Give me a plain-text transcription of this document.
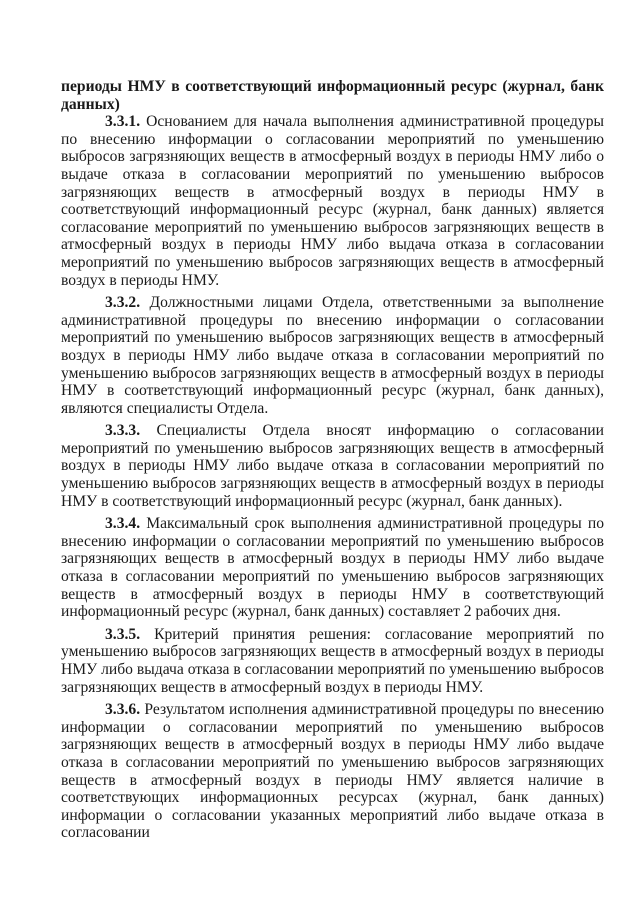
периоды НМУ в соответствующий информационный ресурс (журнал, банк данных)

3.3.1. Основанием для начала выполнения административной процедуры по внесению информации о согласовании мероприятий по уменьшению выбросов загрязняющих веществ в атмосферный воздух в периоды НМУ либо о выдаче отказа в согласовании мероприятий по уменьшению выбросов загрязняющих веществ в атмосферный воздух в периоды НМУ в соответствующий информационный ресурс (журнал, банк данных) является согласование мероприятий по уменьшению выбросов загрязняющих веществ в атмосферный воздух в периоды НМУ либо выдача отказа в согласовании мероприятий по уменьшению выбросов загрязняющих веществ в атмосферный воздух в периоды НМУ.

3.3.2. Должностными лицами Отдела, ответственными за выполнение административной процедуры по внесению информации о согласовании мероприятий по уменьшению выбросов загрязняющих веществ в атмосферный воздух в периоды НМУ либо выдаче отказа в согласовании мероприятий по уменьшению выбросов загрязняющих веществ в атмосферный воздух в периоды НМУ в соответствующий информационный ресурс (журнал, банк данных), являются специалисты Отдела.

3.3.3. Специалисты Отдела вносят информацию о согласовании мероприятий по уменьшению выбросов загрязняющих веществ в атмосферный воздух в периоды НМУ либо выдаче отказа в согласовании мероприятий по уменьшению выбросов загрязняющих веществ в атмосферный воздух в периоды НМУ в соответствующий информационный ресурс (журнал, банк данных).

3.3.4. Максимальный срок выполнения административной процедуры по внесению информации о согласовании мероприятий по уменьшению выбросов загрязняющих веществ в атмосферный воздух в периоды НМУ либо выдаче отказа в согласовании мероприятий по уменьшению выбросов загрязняющих веществ в атмосферный воздух в периоды НМУ в соответствующий информационный ресурс (журнал, банк данных) составляет 2 рабочих дня.

3.3.5. Критерий принятия решения: согласование мероприятий по уменьшению выбросов загрязняющих веществ в атмосферный воздух в периоды НМУ либо выдача отказа в согласовании мероприятий по уменьшению выбросов загрязняющих веществ в атмосферный воздух в периоды НМУ.

3.3.6. Результатом исполнения административной процедуры по внесению информации о согласовании мероприятий по уменьшению выбросов загрязняющих веществ в атмосферный воздух в периоды НМУ либо выдаче отказа в согласовании мероприятий по уменьшению выбросов загрязняющих веществ в атмосферный воздух в периоды НМУ является наличие в соответствующих информационных ресурсах (журнал, банк данных) информации о согласовании указанных мероприятий либо выдаче отказа в согласовании
